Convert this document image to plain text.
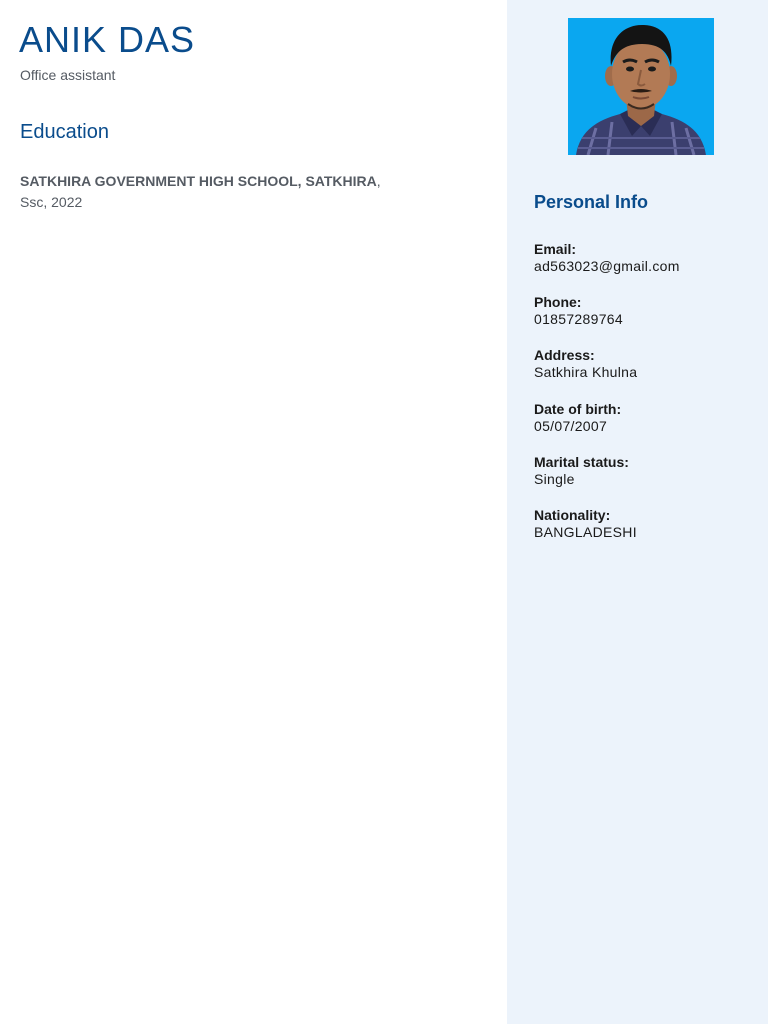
ANIK DAS
Office assistant
Education
SATKHIRA GOVERNMENT HIGH SCHOOL, SATKHIRA,
Ssc, 2022	Personal Info
Email:
ad563023@gmail.com
Phone:
01857289764
Address:
Satkhira Khulna
Date of birth:
05/07/2007
Marital status:
Single
Nationality:
BANGLADESHI
